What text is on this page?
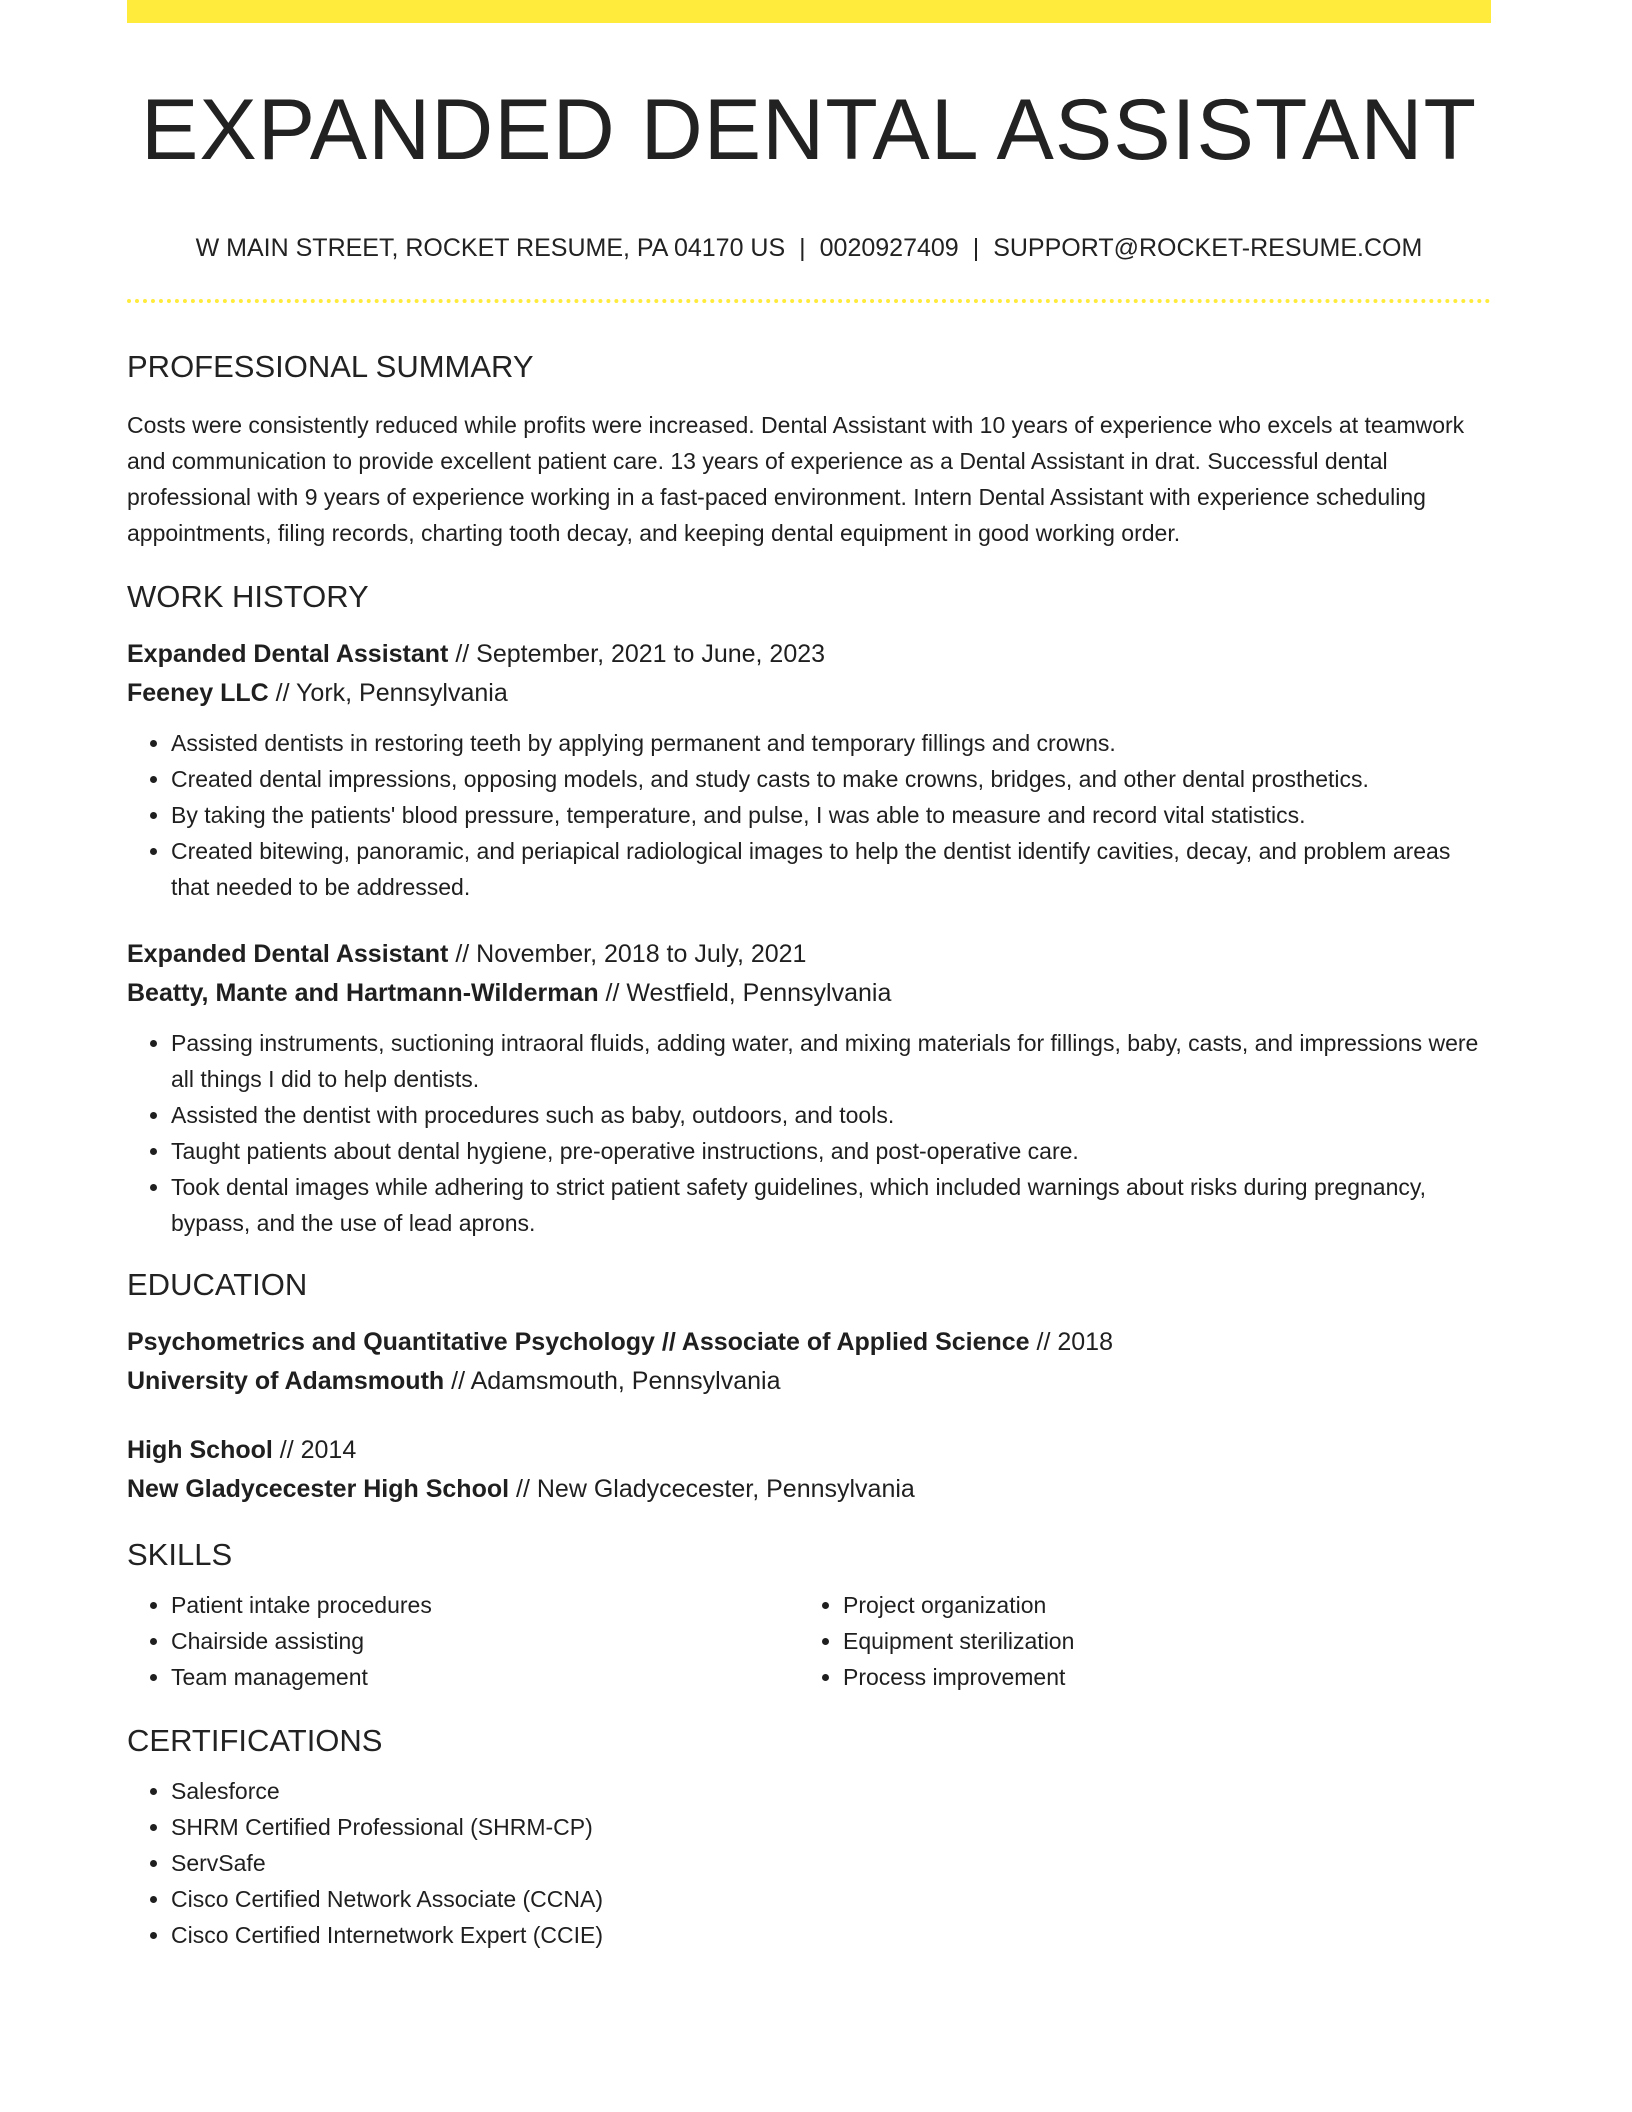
EXPANDED DENTAL ASSISTANT
W MAIN STREET, ROCKET RESUME, PA 04170 US | 0020927409 | SUPPORT@ROCKET-RESUME.COM
PROFESSIONAL SUMMARY

Costs were consistently reduced while profits were increased. Dental Assistant with 10 years of experience who excels at teamwork and communication to provide excellent patient care. 13 years of experience as a Dental Assistant in drat. Successful dental professional with 9 years of experience working in a fast-paced environment. Intern Dental Assistant with experience scheduling appointments, filing records, charting tooth decay, and keeping dental equipment in good working order.

WORK HISTORY
Expanded Dental Assistant // September, 2021 to June, 2023
Feeney LLC // York, Pennsylvania
• Assisted dentists in restoring teeth by applying permanent and temporary fillings and crowns.
• Created dental impressions, opposing models, and study casts to make crowns, bridges, and other dental prosthetics.
• By taking the patients' blood pressure, temperature, and pulse, I was able to measure and record vital statistics.
• Created bitewing, panoramic, and periapical radiological images to help the dentist identify cavities, decay, and problem areas that needed to be addressed.
Expanded Dental Assistant // November, 2018 to July, 2021
Beatty, Mante and Hartmann-Wilderman // Westfield, Pennsylvania
• Passing instruments, suctioning intraoral fluids, adding water, and mixing materials for fillings, baby, casts, and impressions were all things I did to help dentists.
• Assisted the dentist with procedures such as baby, outdoors, and tools.
• Taught patients about dental hygiene, pre-operative instructions, and post-operative care.
• Took dental images while adhering to strict patient safety guidelines, which included warnings about risks during pregnancy, bypass, and the use of lead aprons.
EDUCATION
Psychometrics and Quantitative Psychology // Associate of Applied Science // 2018
University of Adamsmouth // Adamsmouth, Pennsylvania
High School // 2014
New Gladycecester High School // New Gladycecester, Pennsylvania
SKILLS
• Patient intake procedures
• Chairside assisting
• Team management
• Project organization
• Equipment sterilization
• Process improvement
CERTIFICATIONS
• Salesforce
• SHRM Certified Professional (SHRM-CP)
• ServSafe
• Cisco Certified Network Associate (CCNA)
• Cisco Certified Internetwork Expert (CCIE)
